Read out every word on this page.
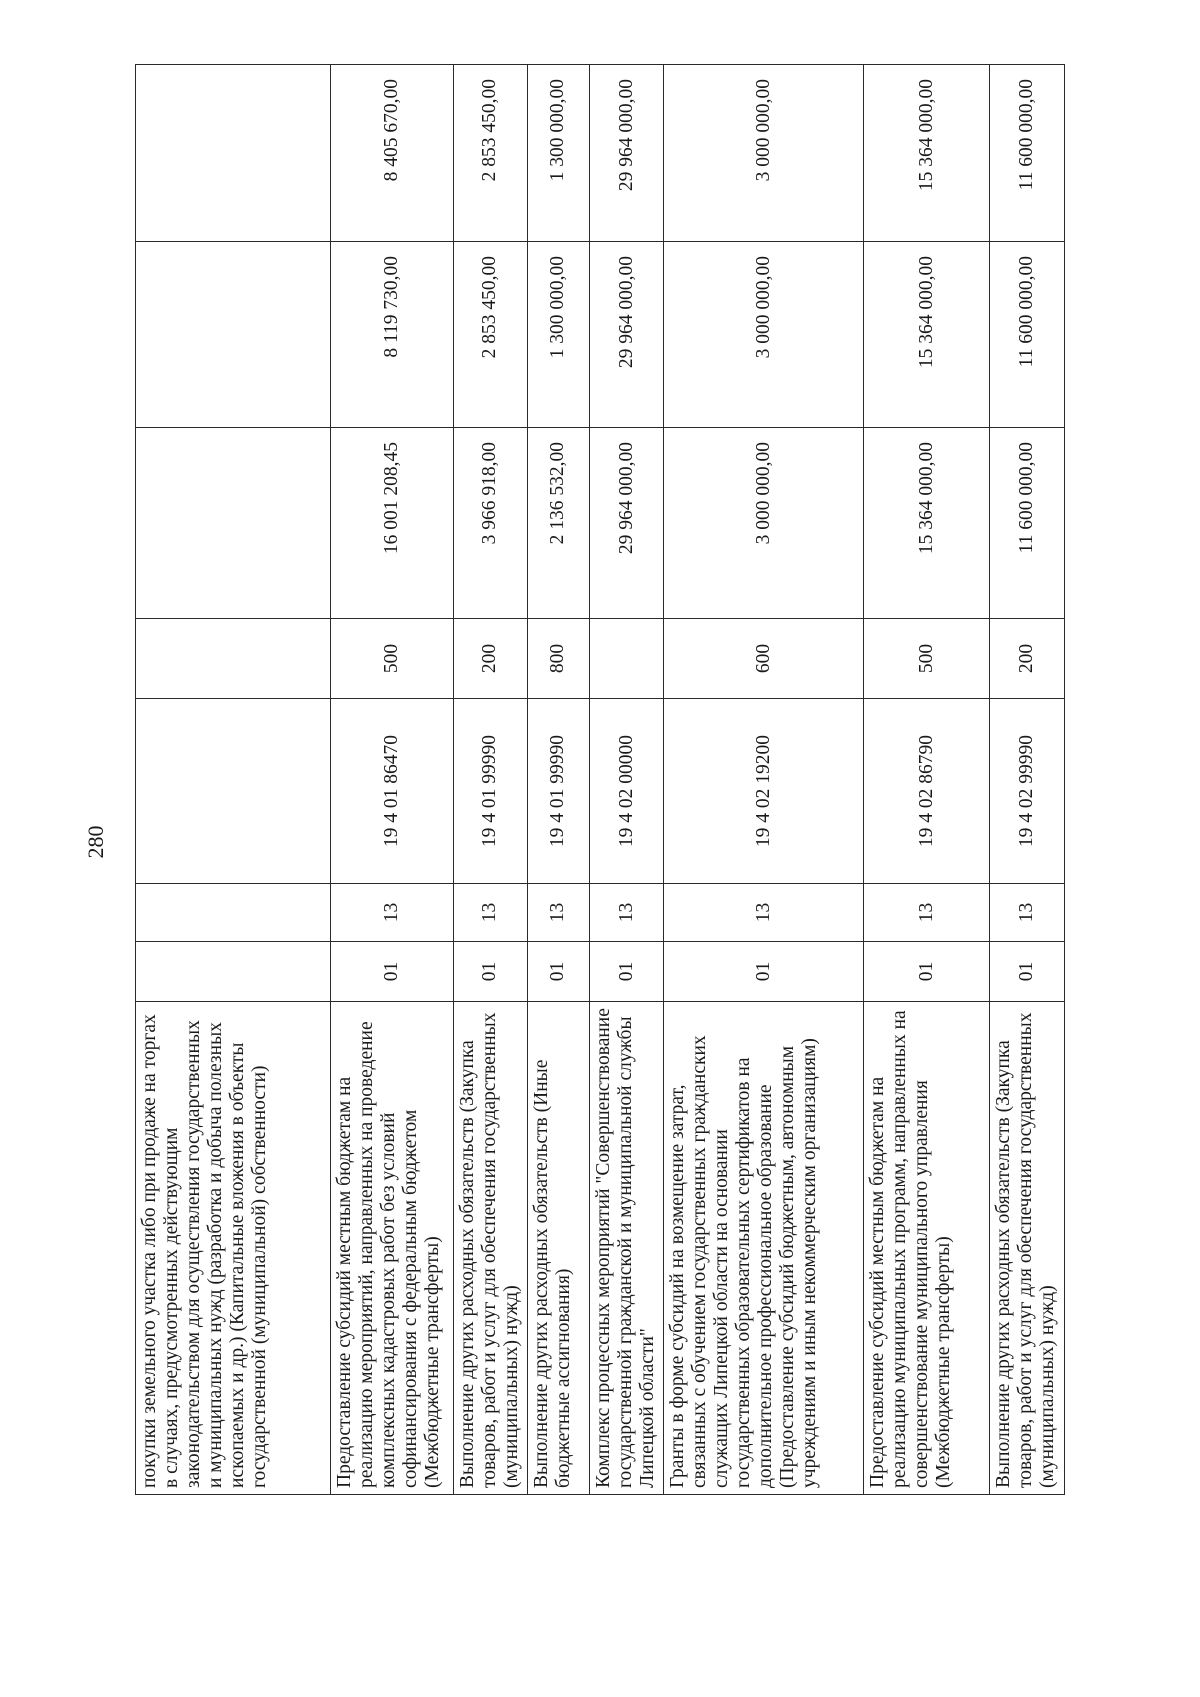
280
покупки земельного участка либо при продаже на торгах в случаях, предусмотренных действующим законодательством для осуществления государственных и муниципальных нужд (разработка и добыча полезных ископаемых и др.) (Капитальные вложения в объекты государственной (муниципальной) собственности)							
Предоставление субсидий местным бюджетам на реализацию мероприятий, направленных на проведение комплексных кадастровых работ без условий софинансирования с федеральным бюджетом (Межбюджетные трансферты)	01	13	19 4 01 86470	500	16 001 208,45	8 119 730,00	8 405 670,00
Выполнение других расходных обязательств (Закупка товаров, работ и услуг для обеспечения государственных (муниципальных) нужд)	01	13	19 4 01 99990	200	3 966 918,00	2 853 450,00	2 853 450,00
Выполнение других расходных обязательств (Иные бюджетные ассигнования)	01	13	19 4 01 99990	800	2 136 532,00	1 300 000,00	1 300 000,00
Комплекс процессных мероприятий "Совершенствование государственной гражданской и муниципальной службы Липецкой области"	01	13	19 4 02 00000		29 964 000,00	29 964 000,00	29 964 000,00
Гранты в форме субсидий на возмещение затрат, связанных с обучением государственных гражданских служащих Липецкой области на основании государственных образовательных сертификатов на дополнительное профессиональное образование (Предоставление субсидий бюджетным, автономным учреждениям и иным некоммерческим организациям)	01	13	19 4 02 19200	600	3 000 000,00	3 000 000,00	3 000 000,00
Предоставление субсидий местным бюджетам на реализацию муниципальных программ, направленных на совершенствование муниципального управления (Межбюджетные трансферты)	01	13	19 4 02 86790	500	15 364 000,00	15 364 000,00	15 364 000,00
Выполнение других расходных обязательств (Закупка товаров, работ и услуг для обеспечения государственных (муниципальных) нужд)	01	13	19 4 02 99990	200	11 600 000,00	11 600 000,00	11 600 000,00
